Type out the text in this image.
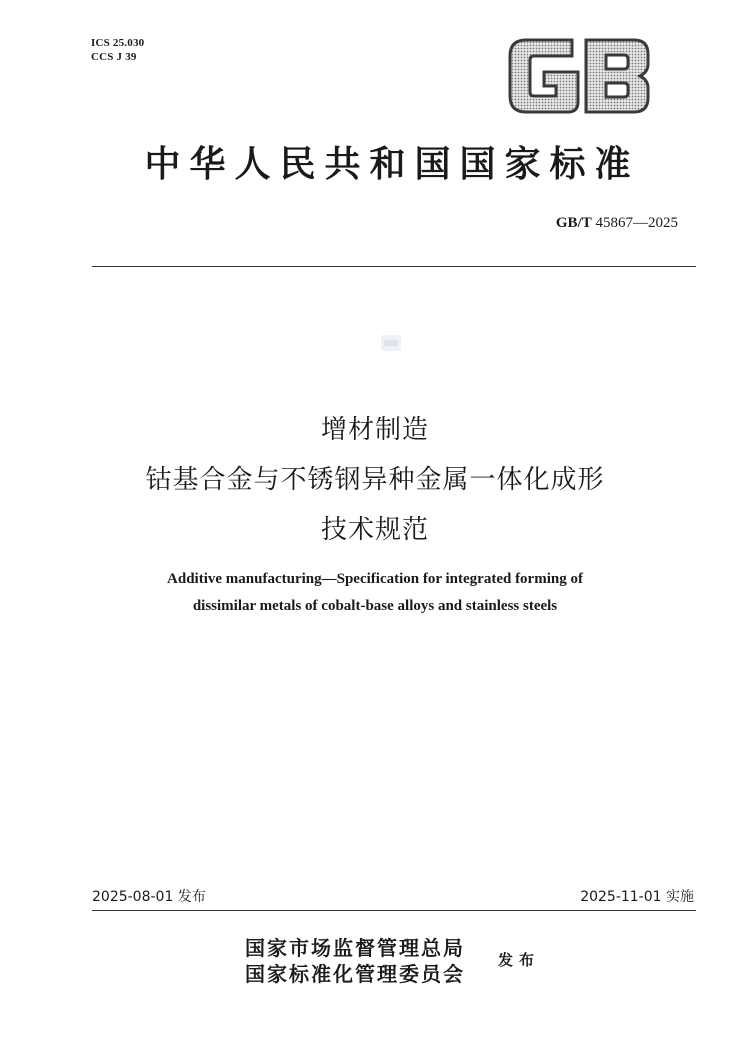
ICS 25.030
CCS J 39
中华人民共和国国家标准
GB/T 45867—2025
增材制造
钴基合金与不锈钢异种金属一体化成形
技术规范
Additive manufacturing—Specification for integrated forming of
dissimilar metals of cobalt-base alloys and stainless steels
2025-08-01 发布	2025-11-01 实施
国家市场监督管理总局
国家标准化管理委员会
发布
